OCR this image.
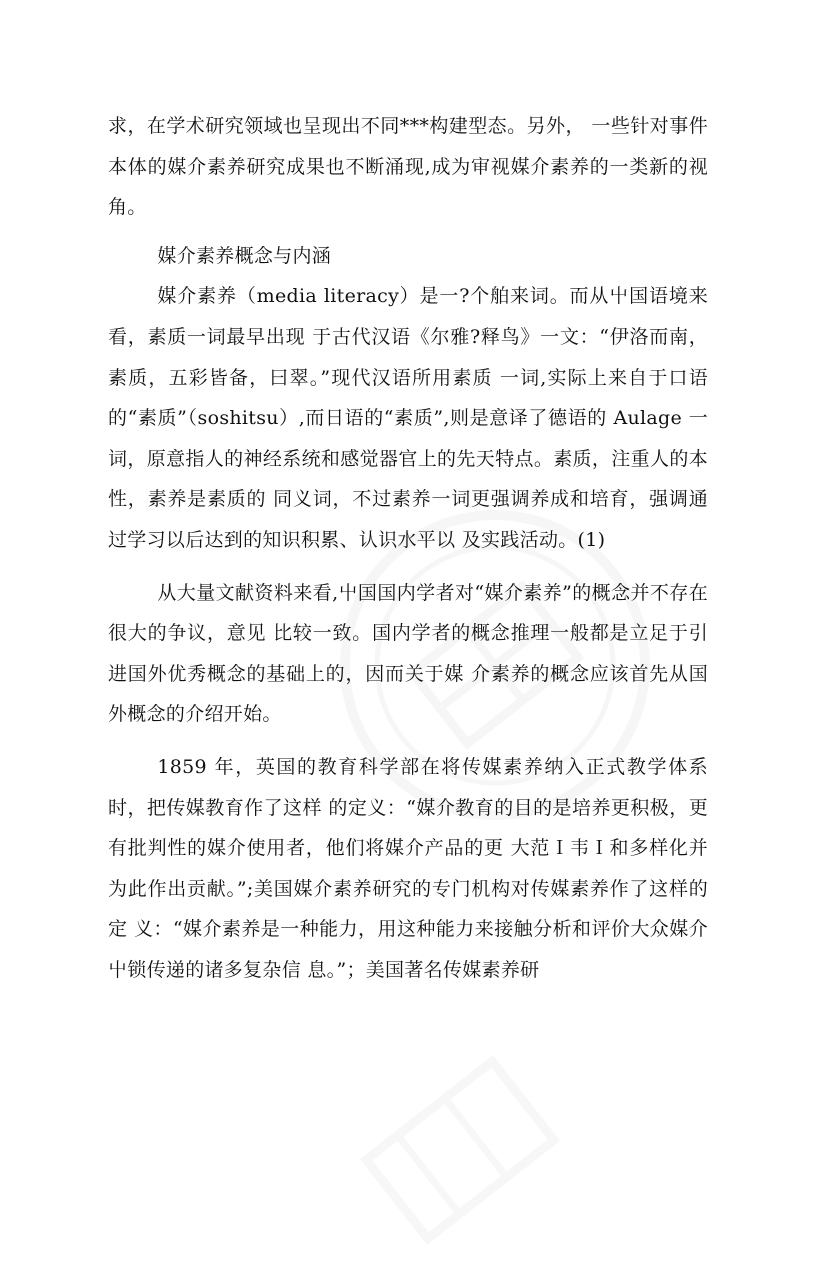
求，在学术研究领域也呈现出不同***构建型态。另外， 一些针对事件本体的媒介素养研究成果也不断涌现,成为审视媒介素养的一类新的视角。

媒介素养概念与内涵

媒介素养（media literacy）是一?个舶来词。而从屮国语境来看，素质一词最早出现 于古代汉语《尔雅?释鸟》一文：“伊洛而南，素质，五彩皆备，曰翠。”现代汉语所用素质 一词,实际上来自于口语的“素质”（soshitsu）,而日语的“素质”,则是意译了德语的 Aulage 一词，原意指人的神经系统和感觉器官上的先天特点。素质，注重人的本性，素养是素质的 同义词，不过素养一词更强调养成和培育，强调通过学习以后达到的知识积累、认识水平以 及实践活动。(1)

从大量文献资料来看,屮国国内学者对“媒介素养”的概念并不存在很大的争议，意见 比较一致。国内学者的概念推理一般都是立足于引进国外优秀概念的基础上的，因而关于媒 介素养的概念应该首先从国外概念的介绍开始。

1859 年，英国的教育科学部在将传媒素养纳入正式教学体系时，把传媒教育作了这样 的定义：“媒介教育的目的是培养更积极，更有批判性的媒介使用者，他们将媒介产品的更 大范Ｉ韦Ｉ和多样化并为此作出贡献。”;美国媒介素养研究的专门机构对传媒素养作了这样的定 义：“媒介素养是一种能力，用这种能力来接触分析和评价大众媒介屮锁传递的诸多复杂信 息。”；美国著名传媒素养研
